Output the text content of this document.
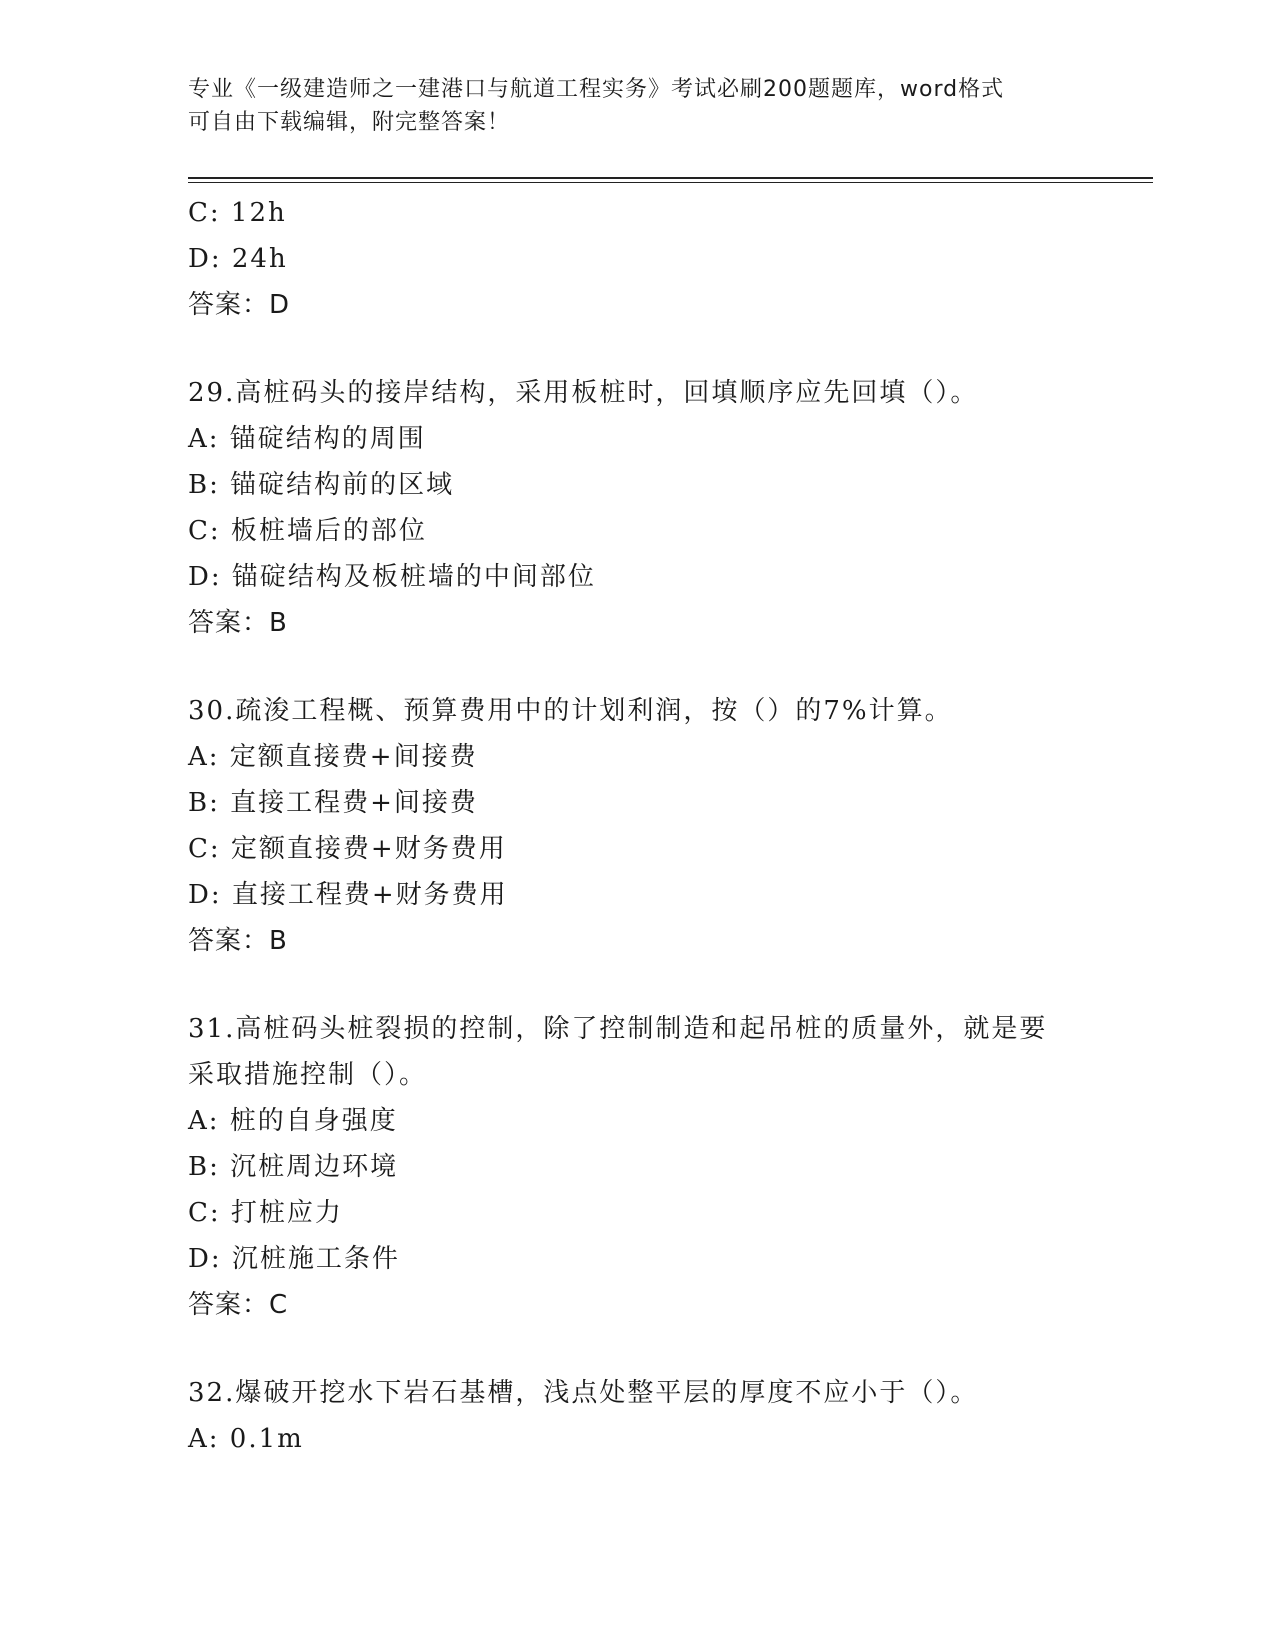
专业《一级建造师之一建港口与航道工程实务》考试必刷200题题库，word格式
可自由下载编辑，附完整答案！
C: 12h
D: 24h
答案：D
29.高桩码头的接岸结构，采用板桩时，回填顺序应先回填（）。
A: 锚碇结构的周围
B: 锚碇结构前的区域
C: 板桩墙后的部位
D: 锚碇结构及板桩墙的中间部位
答案：B
30.疏浚工程概、预算费用中的计划利润，按（）的7%计算。
A: 定额直接费+间接费
B: 直接工程费+间接费
C: 定额直接费+财务费用
D: 直接工程费+财务费用
答案：B
31.高桩码头桩裂损的控制，除了控制制造和起吊桩的质量外，就是要
采取措施控制（）。
A: 桩的自身强度
B: 沉桩周边环境
C: 打桩应力
D: 沉桩施工条件
答案：C
32.爆破开挖水下岩石基槽，浅点处整平层的厚度不应小于（）。
A: 0.1m
